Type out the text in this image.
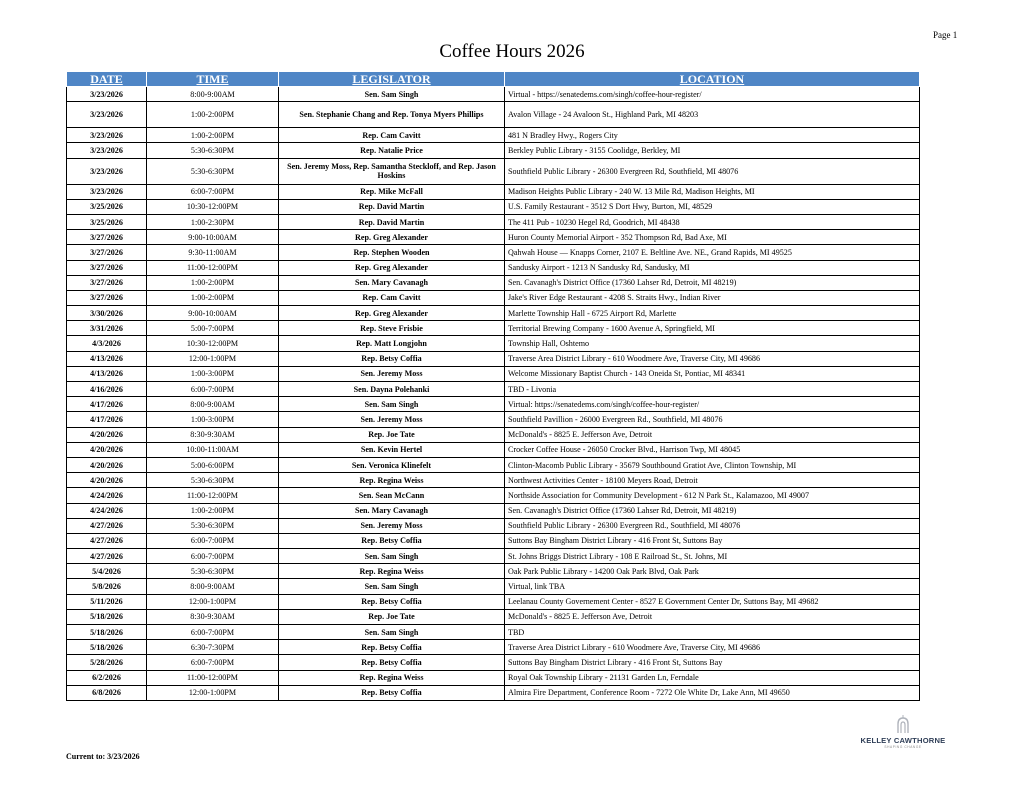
Page 1
Coffee Hours 2026
DATE	TIME	LEGISLATOR	LOCATION
3/23/2026	8:00-9:00AM	Sen. Sam Singh	Virtual - https://senatedems.com/singh/coffee-hour-register/
3/23/2026	1:00-2:00PM	Sen. Stephanie Chang and Rep. Tonya Myers Phillips	Avalon Village - 24 Avaloon St., Highland Park, MI 48203
3/23/2026	1:00-2:00PM	Rep. Cam Cavitt	481 N Bradley Hwy., Rogers City
3/23/2026	5:30-6:30PM	Rep. Natalie Price	Berkley Public Library - 3155 Coolidge, Berkley, MI
3/23/2026	5:30-6:30PM	Sen. Jeremy Moss, Rep. Samantha Steckloff, and Rep. Jason Hoskins	Southfield Public Library - 26300 Evergreen Rd, Southfield, MI 48076
3/23/2026	6:00-7:00PM	Rep. Mike McFall	Madison Heights Public Library - 240 W. 13 Mile Rd, Madison Heights, MI
3/25/2026	10:30-12:00PM	Rep. David Martin	U.S. Family Restaurant - 3512 S Dort Hwy, Burton, MI, 48529
3/25/2026	1:00-2:30PM	Rep. David Martin	The 411 Pub - 10230 Hegel Rd, Goodrich, MI 48438
3/27/2026	9:00-10:00AM	Rep. Greg Alexander	Huron County Memorial Airport - 352 Thompson Rd, Bad Axe, MI
3/27/2026	9:30-11:00AM	Rep. Stephen Wooden	Qahwah House — Knapps Corner, 2107 E. Beltline Ave. NE., Grand Rapids, MI 49525
3/27/2026	11:00-12:00PM	Rep. Greg Alexander	Sandusky Airport - 1213 N Sandusky Rd, Sandusky, MI
3/27/2026	1:00-2:00PM	Sen. Mary Cavanagh	Sen. Cavanagh's District Office (17360 Lahser Rd, Detroit, MI 48219)
3/27/2026	1:00-2:00PM	Rep. Cam Cavitt	Jake's River Edge Restaurant - 4208 S. Straits Hwy., Indian River
3/30/2026	9:00-10:00AM	Rep. Greg Alexander	Marlette Township Hall - 6725 Airport Rd, Marlette
3/31/2026	5:00-7:00PM	Rep. Steve Frisbie	Territorial Brewing Company - 1600 Avenue A, Springfield, MI
4/3/2026	10:30-12:00PM	Rep. Matt Longjohn	Township Hall, Oshtemo
4/13/2026	12:00-1:00PM	Rep. Betsy Coffia	Traverse Area District Library - 610 Woodmere Ave, Traverse City, MI 49686
4/13/2026	1:00-3:00PM	Sen. Jeremy Moss	Welcome Missionary Baptist Church - 143 Oneida St, Pontiac, MI 48341
4/16/2026	6:00-7:00PM	Sen. Dayna Polehanki	TBD - Livonia
4/17/2026	8:00-9:00AM	Sen. Sam Singh	Virtual: https://senatedems.com/singh/coffee-hour-register/
4/17/2026	1:00-3:00PM	Sen. Jeremy Moss	Southfield Pavillion - 26000 Evergreen Rd., Southfield, MI 48076
4/20/2026	8:30-9:30AM	Rep. Joe Tate	McDonald's - 8825 E. Jefferson Ave, Detroit
4/20/2026	10:00-11:00AM	Sen. Kevin Hertel	Crocker Coffee House - 26050 Crocker Blvd., Harrison Twp, MI 48045
4/20/2026	5:00-6:00PM	Sen. Veronica Klinefelt	Clinton-Macomb Public Library - 35679 Southbound Gratiot Ave, Clinton Township, MI
4/20/2026	5:30-6:30PM	Rep. Regina Weiss	Northwest Activities Center - 18100 Meyers Road, Detroit
4/24/2026	11:00-12:00PM	Sen. Sean McCann	Northside Association for Community Development - 612 N Park St., Kalamazoo, MI 49007
4/24/2026	1:00-2:00PM	Sen. Mary Cavanagh	Sen. Cavanagh's District Office (17360 Lahser Rd, Detroit, MI 48219)
4/27/2026	5:30-6:30PM	Sen. Jeremy Moss	Southfield Public Library - 26300 Evergreen Rd., Southfield, MI 48076
4/27/2026	6:00-7:00PM	Rep. Betsy Coffia	Suttons Bay Bingham District Library - 416 Front St, Suttons Bay
4/27/2026	6:00-7:00PM	Sen. Sam Singh	St. Johns Briggs District Library - 108 E Railroad St., St. Johns, MI
5/4/2026	5:30-6:30PM	Rep. Regina Weiss	Oak Park Public Library - 14200 Oak Park Blvd, Oak Park
5/8/2026	8:00-9:00AM	Sen. Sam Singh	Virtual, link TBA
5/11/2026	12:00-1:00PM	Rep. Betsy Coffia	Leelanau County Governement Center - 8527 E Government Center Dr, Suttons Bay, MI 49682
5/18/2026	8:30-9:30AM	Rep. Joe Tate	McDonald's - 8825 E. Jefferson Ave, Detroit
5/18/2026	6:00-7:00PM	Sen. Sam Singh	TBD
5/18/2026	6:30-7:30PM	Rep. Betsy Coffia	Traverse Area District Library - 610 Woodmere Ave, Traverse City, MI 49686
5/28/2026	6:00-7:00PM	Rep. Betsy Coffia	Suttons Bay Bingham District Library - 416 Front St, Suttons Bay
6/2/2026	11:00-12:00PM	Rep. Regina Weiss	Royal Oak Township Library - 21131 Garden Ln, Ferndale
6/8/2026	12:00-1:00PM	Rep. Betsy Coffia	Almira Fire Department, Conference Room - 7272 Ole White Dr, Lake Ann, MI 49650
Current to: 3/23/2026
KELLEY CAWTHORNE
SHAPING CHANGE
